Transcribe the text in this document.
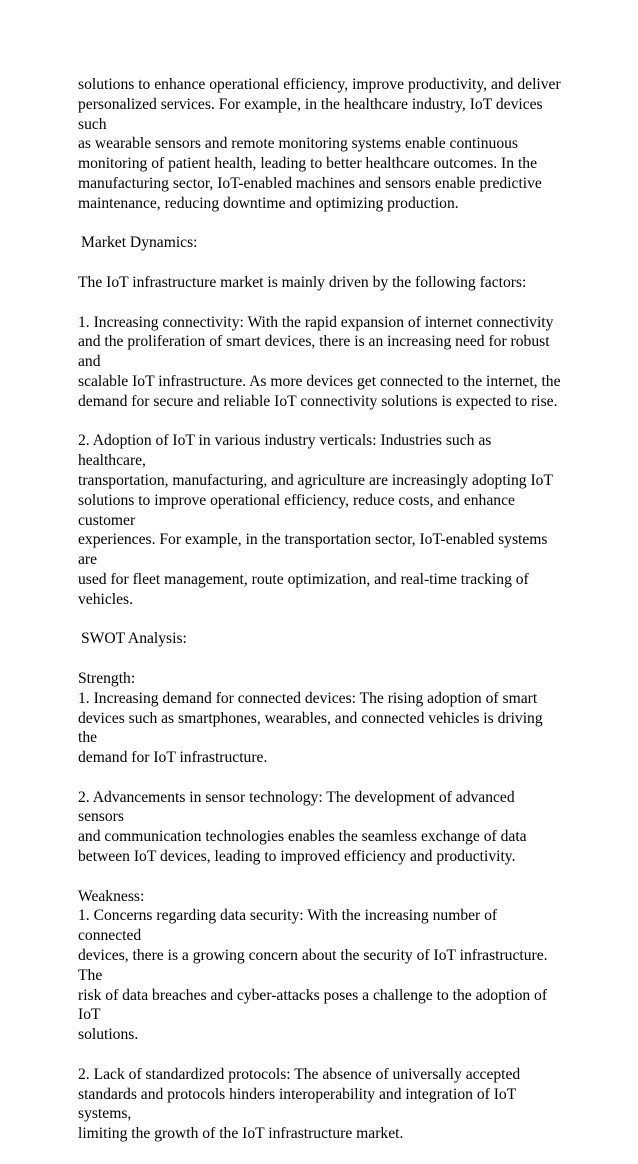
solutions to enhance operational efficiency, improve productivity, and deliver
personalized services. For example, in the healthcare industry, IoT devices such
as wearable sensors and remote monitoring systems enable continuous
monitoring of patient health, leading to better healthcare outcomes. In the
manufacturing sector, IoT-enabled machines and sensors enable predictive
maintenance, reducing downtime and optimizing production.

Market Dynamics:

The IoT infrastructure market is mainly driven by the following factors:

1. Increasing connectivity: With the rapid expansion of internet connectivity
and the proliferation of smart devices, there is an increasing need for robust and
scalable IoT infrastructure. As more devices get connected to the internet, the
demand for secure and reliable IoT connectivity solutions is expected to rise.

2. Adoption of IoT in various industry verticals: Industries such as healthcare,
transportation, manufacturing, and agriculture are increasingly adopting IoT
solutions to improve operational efficiency, reduce costs, and enhance customer
experiences. For example, in the transportation sector, IoT-enabled systems are
used for fleet management, route optimization, and real-time tracking of
vehicles.

SWOT Analysis:

Strength:

1. Increasing demand for connected devices: The rising adoption of smart
devices such as smartphones, wearables, and connected vehicles is driving the
demand for IoT infrastructure.

2. Advancements in sensor technology: The development of advanced sensors
and communication technologies enables the seamless exchange of data
between IoT devices, leading to improved efficiency and productivity.

Weakness:

1. Concerns regarding data security: With the increasing number of connected
devices, there is a growing concern about the security of IoT infrastructure. The
risk of data breaches and cyber-attacks poses a challenge to the adoption of IoT
solutions.

2. Lack of standardized protocols: The absence of universally accepted
standards and protocols hinders interoperability and integration of IoT systems,
limiting the growth of the IoT infrastructure market.
